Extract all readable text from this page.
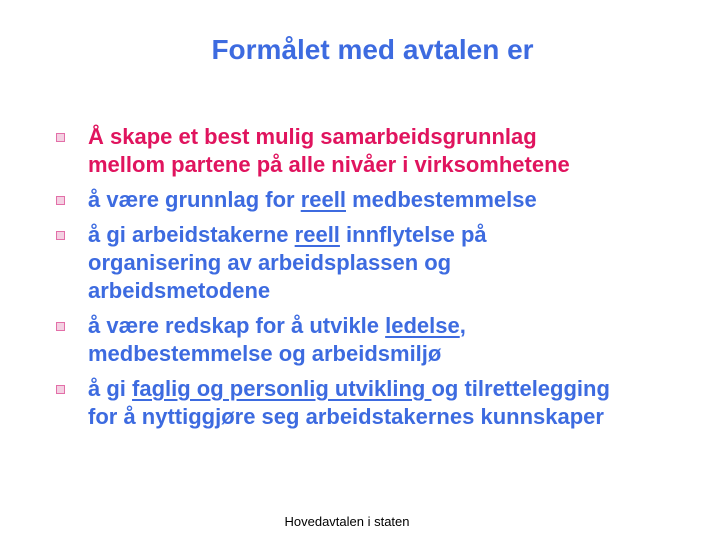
Formålet med avtalen er
Å skape et best mulig samarbeidsgrunnlag
mellom partene på alle nivåer i virksomhetene
å være grunnlag for reell medbestemmelse
å gi arbeidstakerne reell innflytelse på
organisering av arbeidsplassen og
arbeidsmetodene
å være redskap for å utvikle ledelse,
medbestemmelse og arbeidsmiljø
å gi faglig og personlig utvikling og tilrettelegging
for å nyttiggjøre seg arbeidstakernes kunnskaper
Hovedavtalen i staten
